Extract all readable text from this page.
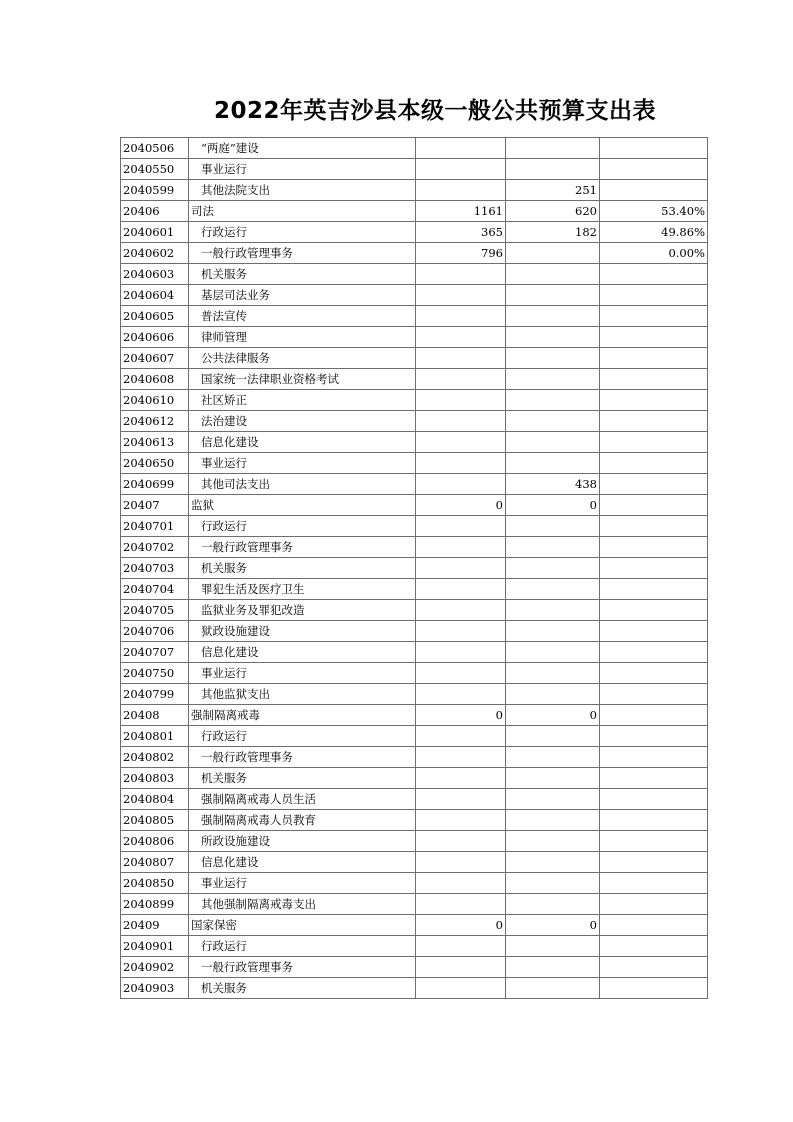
2022年英吉沙县本级一般公共预算支出表
2040506	“两庭”建设			
2040550	事业运行			
2040599	其他法院支出		251	
20406	司法	1161	620	53.40%
2040601	行政运行	365	182	49.86%
2040602	一般行政管理事务	796		0.00%
2040603	机关服务			
2040604	基层司法业务			
2040605	普法宣传			
2040606	律师管理			
2040607	公共法律服务			
2040608	国家统一法律职业资格考试			
2040610	社区矫正			
2040612	法治建设			
2040613	信息化建设			
2040650	事业运行			
2040699	其他司法支出		438	
20407	监狱	0	0	
2040701	行政运行			
2040702	一般行政管理事务			
2040703	机关服务			
2040704	罪犯生活及医疗卫生			
2040705	监狱业务及罪犯改造			
2040706	狱政设施建设			
2040707	信息化建设			
2040750	事业运行			
2040799	其他监狱支出			
20408	强制隔离戒毒	0	0	
2040801	行政运行			
2040802	一般行政管理事务			
2040803	机关服务			
2040804	强制隔离戒毒人员生活			
2040805	强制隔离戒毒人员教育			
2040806	所政设施建设			
2040807	信息化建设			
2040850	事业运行			
2040899	其他强制隔离戒毒支出			
20409	国家保密	0	0	
2040901	行政运行			
2040902	一般行政管理事务			
2040903	机关服务			
